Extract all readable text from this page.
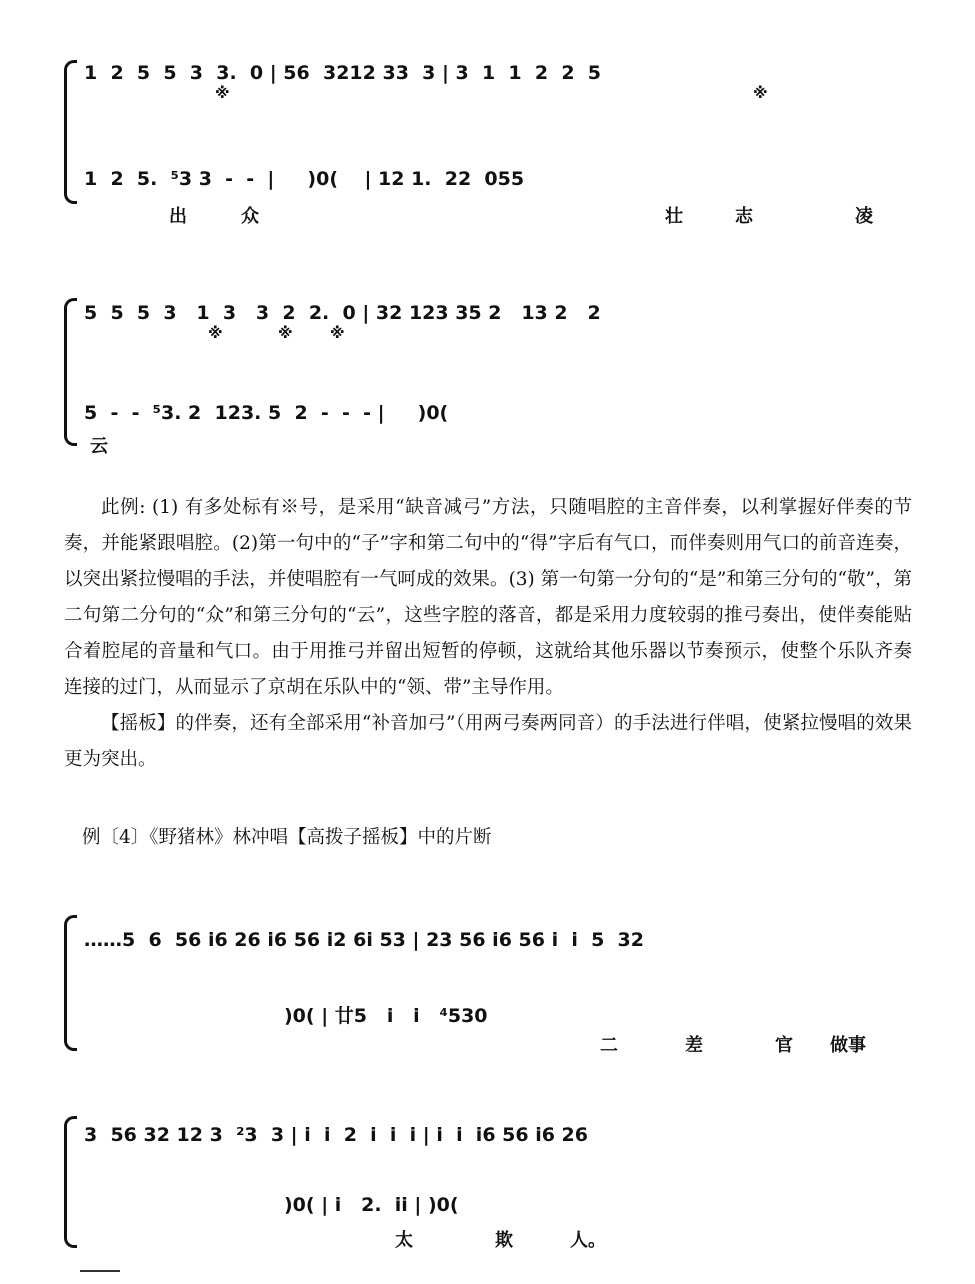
1  2  5  5  3  3.  0 | 56  3212 33  3 | 3  1  1  2  2  5
※	※
1  2  5.  ⁵3 3  -  -  |     )0(    | 12 1.  22  055
出	众	壮	志	凌
5  5  5  3   1  3   3  2  2.  0 | 32 123 35 2   13 2   2
※	※ ※
5  -  -  ⁵3. 2  123. 5  2  -  -  - |     )0(
云

此例: (1) 有多处标有※号，是采用“缺音减弓”方法，只随唱腔的主音伴奏，以利掌握好伴奏的节奏，并能紧跟唱腔。(2)第一句中的“子”字和第二句中的“得”字后有气口，而伴奏则用气口的前音连奏，以突出紧拉慢唱的手法，并使唱腔有一气呵成的效果。(3) 第一句第一分句的“是”和第三分句的“敬”，第二句第二分句的“众”和第三分句的“云”，这些字腔的落音，都是采用力度较弱的推弓奏出，使伴奏能贴合着腔尾的音量和气口。由于用推弓并留出短暂的停顿，这就给其他乐器以节奏预示，使整个乐队齐奏连接的过门，从而显示了京胡在乐队中的“领、带”主导作用。

【摇板】的伴奏，还有全部采用“补音加弓”（用两弓奏两同音）的手法进行伴唱，使紧拉慢唱的效果更为突出。

例〔4〕《野猪林》林冲唱【高拨子摇板】中的片断
……5  6  56 i6 26 i6 56 i2 6i 53 | 23 56 i6 56 i  i  5  32
)0( | 廿5   i   i   ⁴530
二	差	官 做事
3  56 32 12 3  ²3  3 | i  i  2  i  i  i | i  i  i6 56 i6 26
)0( | i   2.  ii | )0(
太	欺	人。
